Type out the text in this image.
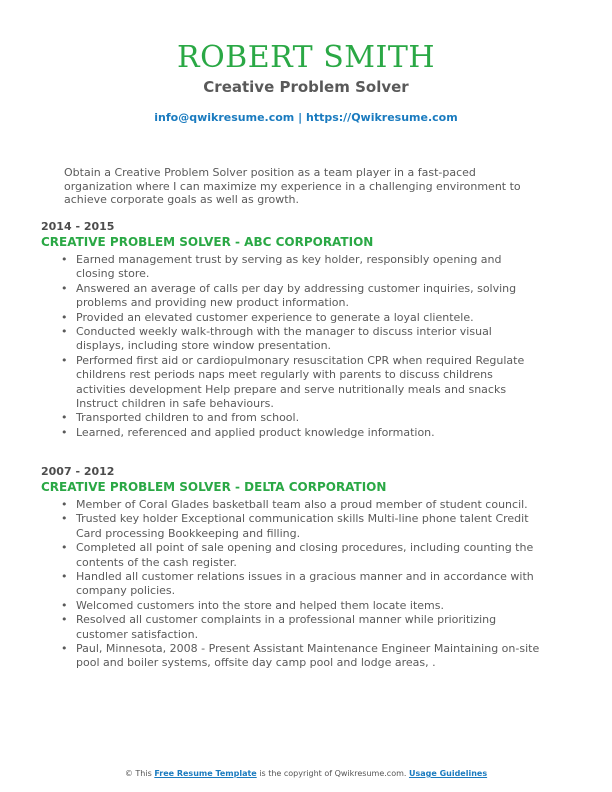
ROBERT SMITH
Creative Problem Solver
info@qwikresume.com | https://Qwikresume.com
Obtain a Creative Problem Solver position as a team player in a fast-paced organization where I can maximize my experience in a challenging environment to achieve corporate goals as well as growth.
2014 - 2015
CREATIVE PROBLEM SOLVER - ABC CORPORATION
• Earned management trust by serving as key holder, responsibly opening and closing store.
• Answered an average of calls per day by addressing customer inquiries, solving problems and providing new product information.
• Provided an elevated customer experience to generate a loyal clientele.
• Conducted weekly walk-through with the manager to discuss interior visual displays, including store window presentation.
• Performed first aid or cardiopulmonary resuscitation CPR when required Regulate childrens rest periods naps meet regularly with parents to discuss childrens activities development Help prepare and serve nutritionally meals and snacks Instruct children in safe behaviours.
• Transported children to and from school.
• Learned, referenced and applied product knowledge information.
2007 - 2012
CREATIVE PROBLEM SOLVER - DELTA CORPORATION
• Member of Coral Glades basketball team also a proud member of student council.
• Trusted key holder Exceptional communication skills Multi-line phone talent Credit Card processing Bookkeeping and filling.
• Completed all point of sale opening and closing procedures, including counting the contents of the cash register.
• Handled all customer relations issues in a gracious manner and in accordance with company policies.
• Welcomed customers into the store and helped them locate items.
• Resolved all customer complaints in a professional manner while prioritizing customer satisfaction.
• Paul, Minnesota, 2008 - Present Assistant Maintenance Engineer Maintaining on-site pool and boiler systems, offsite day camp pool and lodge areas, .
© This Free Resume Template is the copyright of Qwikresume.com. Usage Guidelines
